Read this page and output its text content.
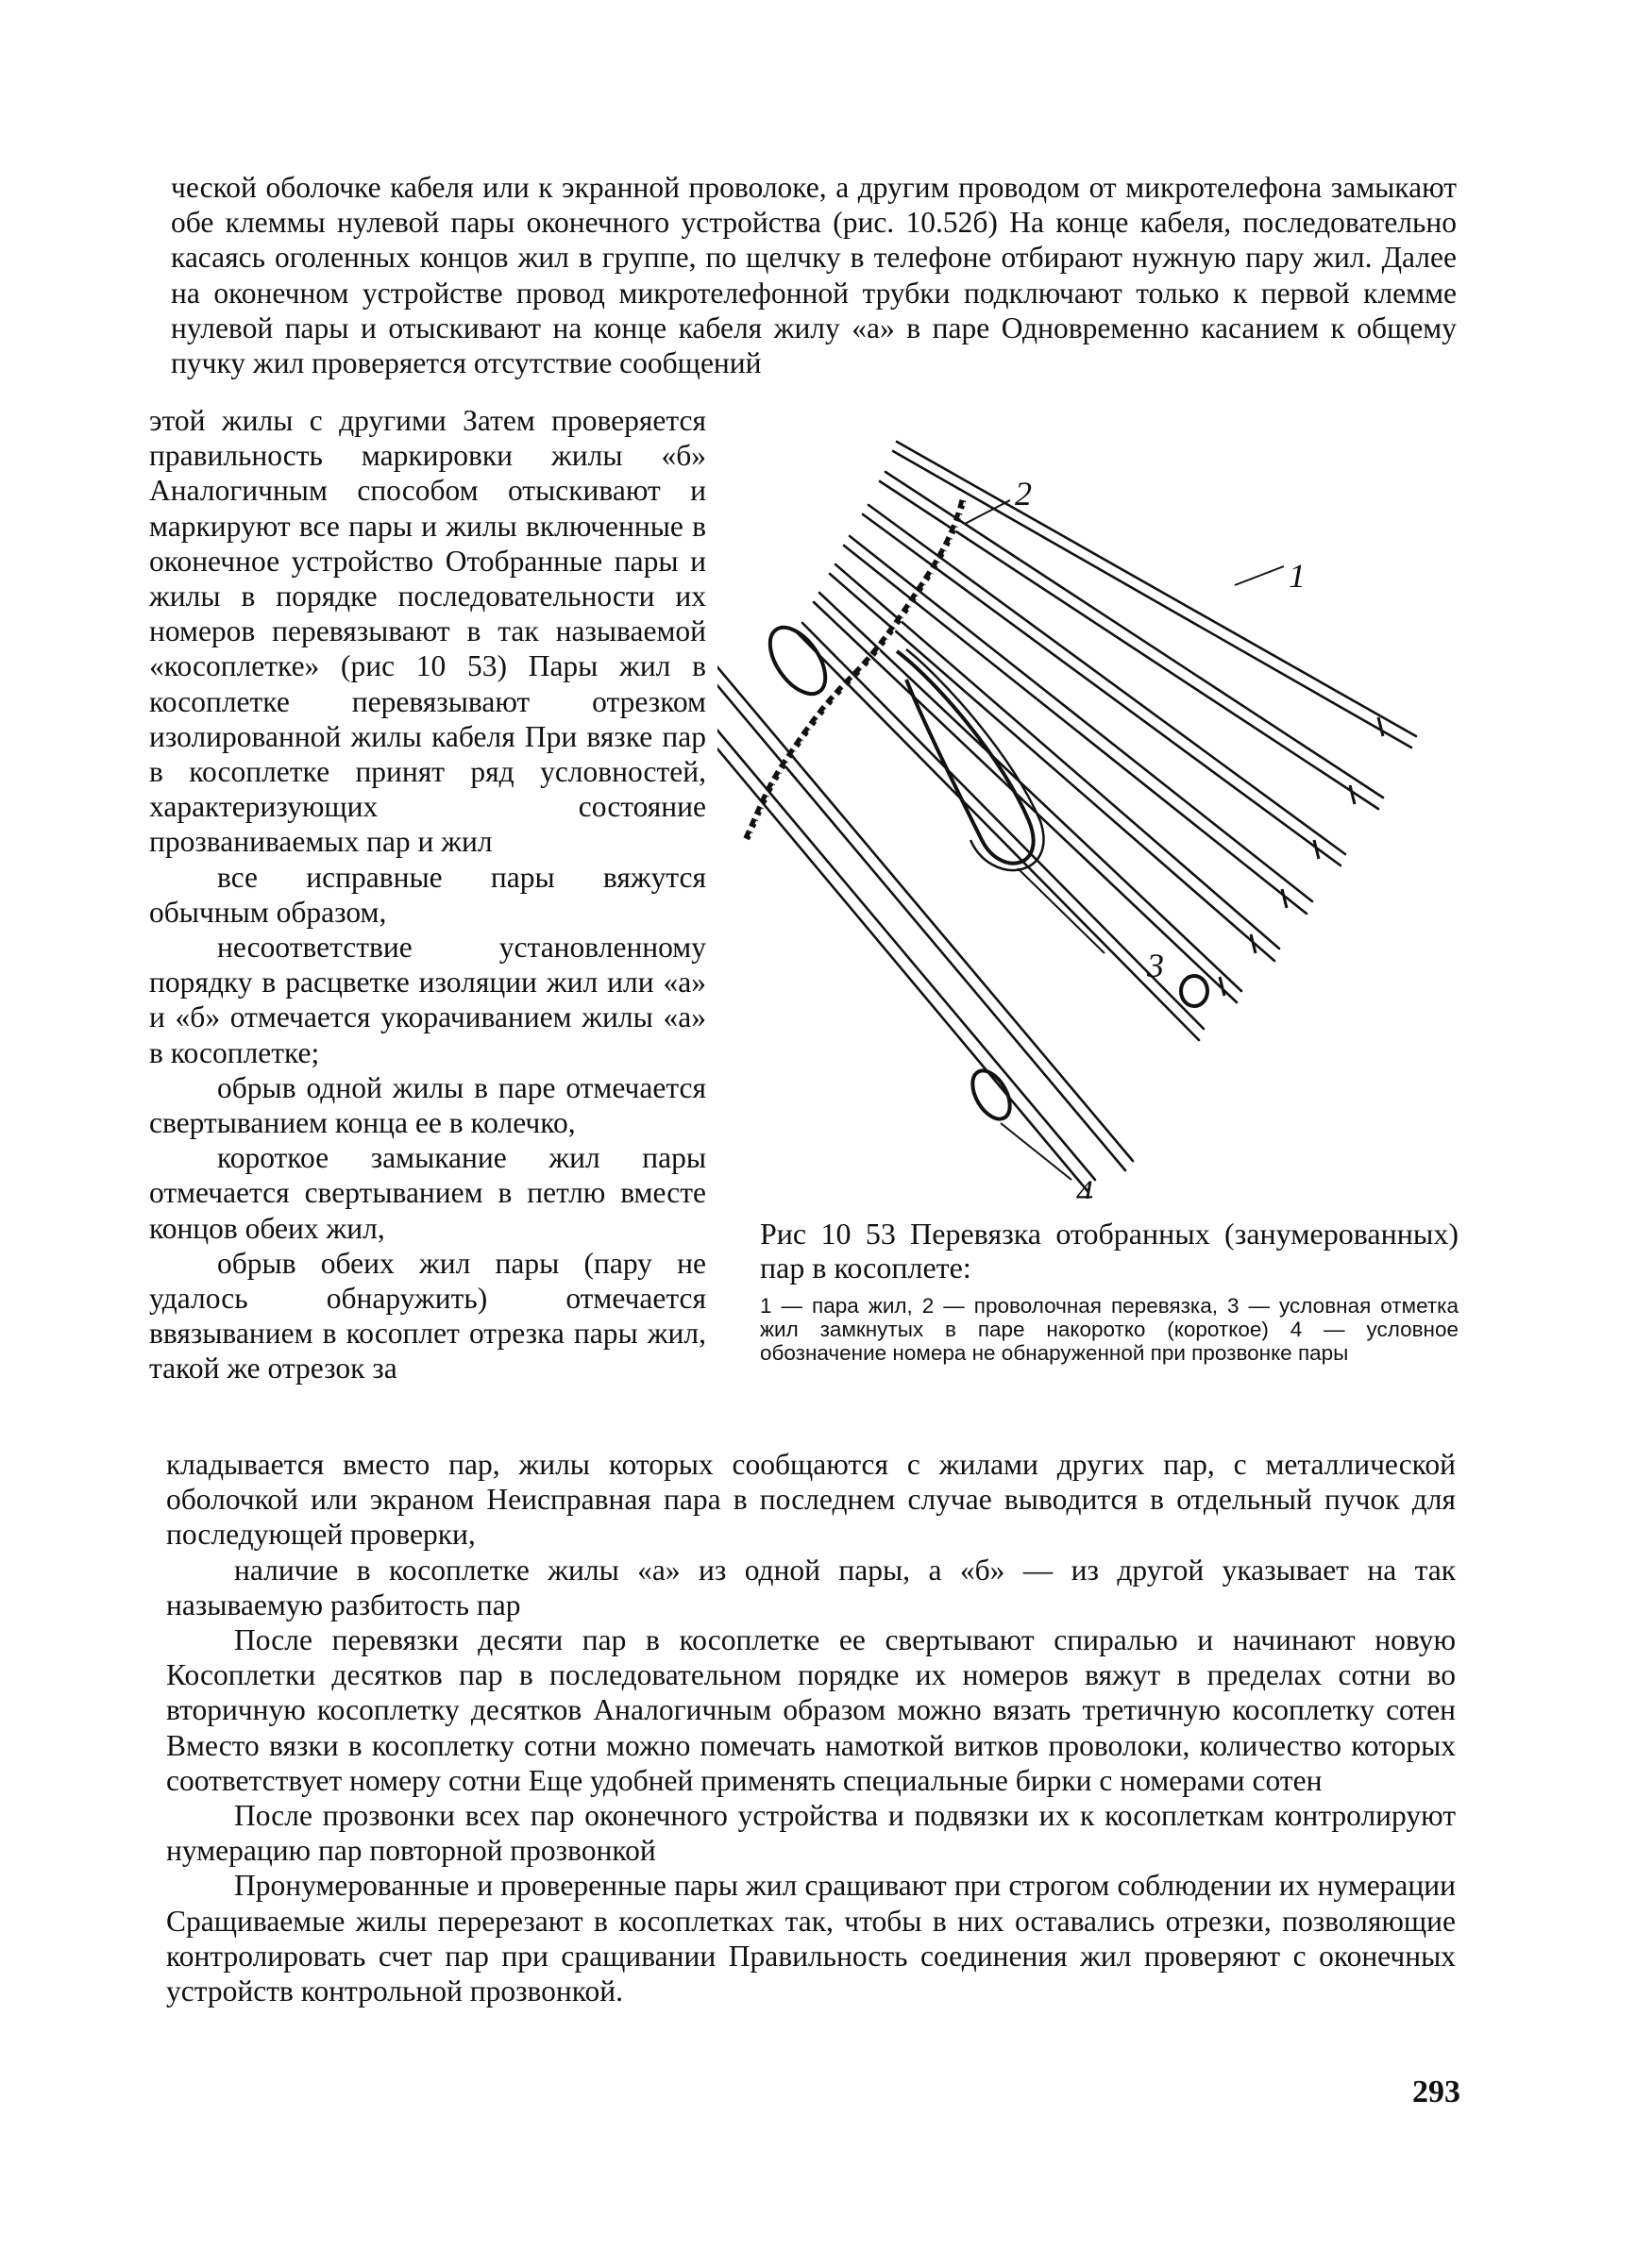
ческой оболочке кабеля или к экранной проволоке, а другим проводом от микротелефона замыкают обе клеммы нулевой пары оконечного устройства (рис. 10.52б) На конце кабеля, последовательно касаясь оголенных концов жил в группе, по щелчку в телефоне отбирают нужную пару жил. Далее на оконечном устройстве провод микротелефонной трубки подключают только к первой клемме нулевой пары и отыскивают на конце кабеля жилу «а» в паре Одновременно касанием к общему пучку жил проверяется отсутствие сообщений

этой жилы с другими Затем проверяется правильность маркировки жилы «б» Аналогичным способом отыскивают и маркируют все пары и жилы включенные в оконечное устройство Отобранные пары и жилы в порядке последовательности их номеров перевязывают в так называемой «косоплетке» (рис 10 53) Пары жил в косоплетке перевязывают отрезком изолированной жилы кабеля При вязке пар в косоплетке принят ряд условностей, характеризующих состояние прозваниваемых пар и жил

все исправные пары вяжутся обычным образом,

несоответствие установленному порядку в расцветке изоляции жил или «а» и «б» отмечается укорачиванием жилы «а» в косоплетке;

обрыв одной жилы в паре отмечается свертыванием конца ее в колечко,

короткое замыкание жил пары отмечается свертыванием в петлю вместе концов обеих жил,

обрыв обеих жил пары (пару не удалось обнаружить) отмечается ввязыванием в косоплет отрезка пары жил, такой же отрезок за

2
1
3
4

Рис 10 53 Перевязка отобранных (занумерованных) пар в косоплете:

1 — пара жил, 2 — проволочная перевязка, 3 — условная отметка жил замкнутых в паре накоротко (короткое) 4 — условное обозначение номера не обнаруженной при прозвонке пары

кладывается вместо пар, жилы которых сообщаются с жилами других пар, с металлической оболочкой или экраном Неисправная пара в последнем случае выводится в отдельный пучок для последующей проверки,

наличие в косоплетке жилы «а» из одной пары, а «б» — из другой указывает на так называемую разбитость пар

После перевязки десяти пар в косоплетке ее свертывают спиралью и начинают новую Косоплетки десятков пар в последовательном порядке их номеров вяжут в пределах сотни во вторичную косоплетку десятков Аналогичным образом можно вязать третичную косоплетку сотен Вместо вязки в косоплетку сотни можно помечать намоткой витков проволоки, количество которых соответствует номеру сотни Еще удобней применять специальные бирки с номерами сотен

После прозвонки всех пар оконечного устройства и подвязки их к косоплеткам контролируют нумерацию пар повторной прозвонкой

Пронумерованные и проверенные пары жил сращивают при строгом соблюдении их нумерации Сращиваемые жилы перерезают в косоплетках так, чтобы в них оставались отрезки, позволяющие контролировать счет пар при сращивании Правильность соединения жил проверяют с оконечных устройств контрольной прозвонкой.

293
